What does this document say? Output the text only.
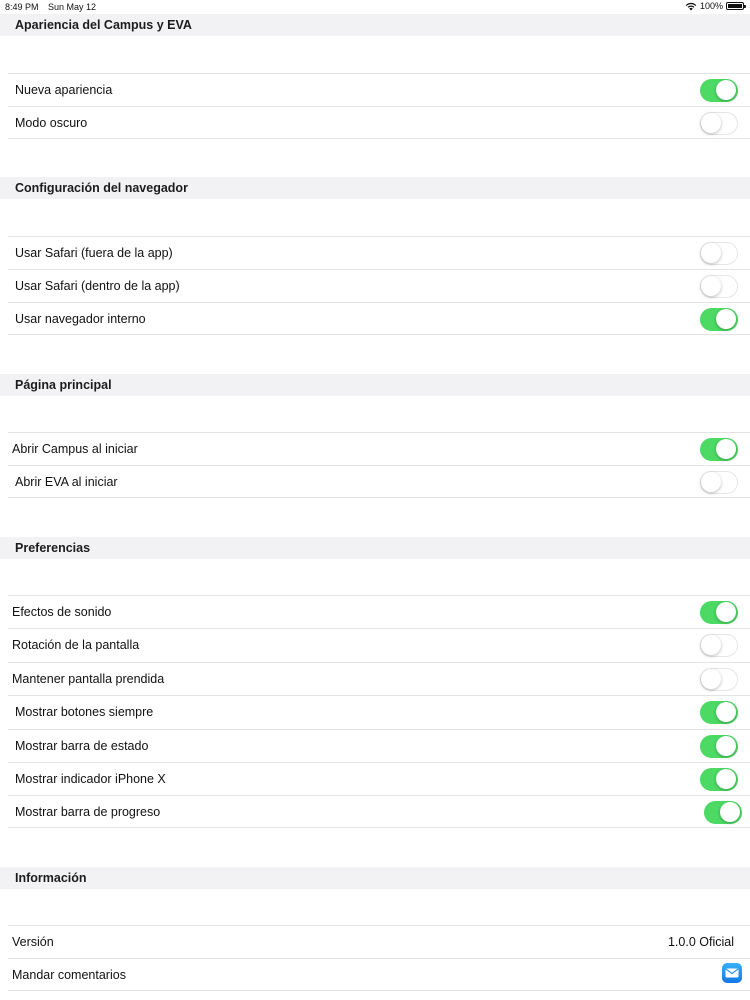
8:49 PM Sun May 12	100%
Apariencia del Campus y EVA
Nueva apariencia
Modo oscuro
Configuración del navegador
Usar Safari (fuera de la app)
Usar Safari (dentro de la app)
Usar navegador interno
Página principal
Abrir Campus al iniciar
Abrir EVA al iniciar
Preferencias
Efectos de sonido
Rotación de la pantalla
Mantener pantalla prendida
Mostrar botones siempre
Mostrar barra de estado
Mostrar indicador iPhone X
Mostrar barra de progreso
Información
Versión	1.0.0 Oficial
Mandar comentarios
